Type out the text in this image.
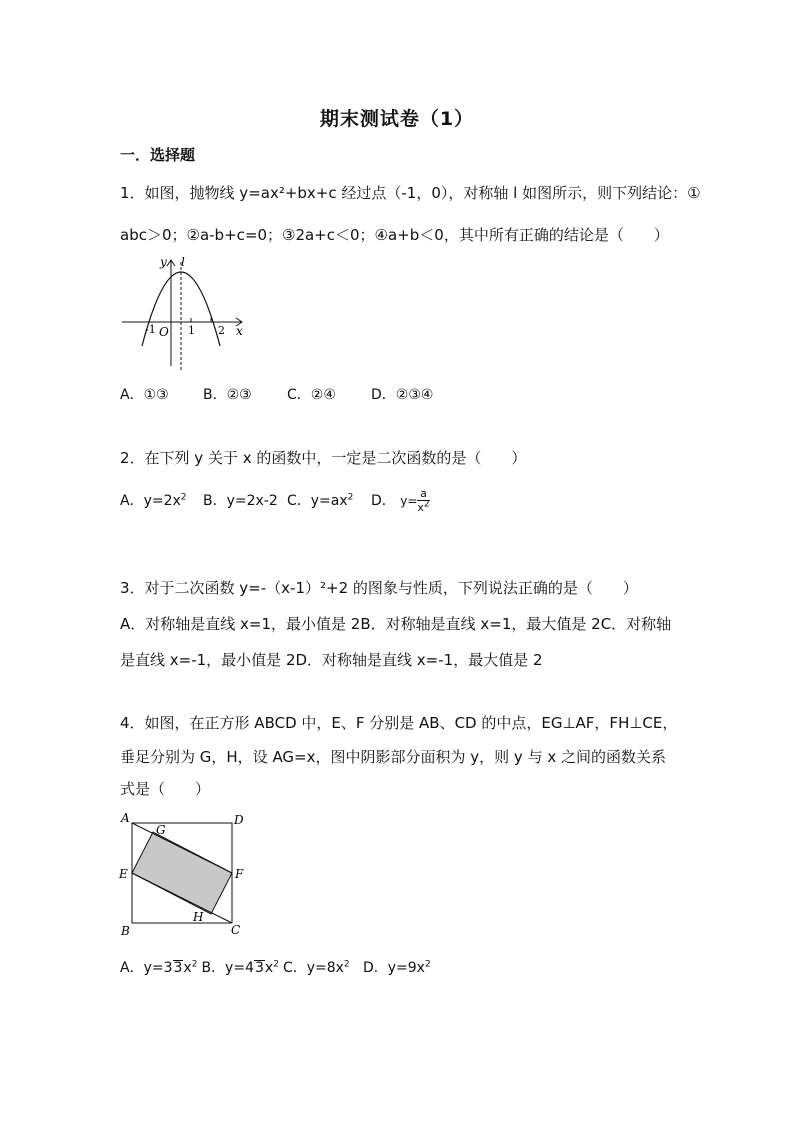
期末测试卷（1）
一．选择题
1．如图，抛物线 y=ax²+bx+c 经过点（-1，0），对称轴 l 如图所示，则下列结论：①
abc＞0；②a-b+c=0；③2a+c＜0；④a+b＜0，其中所有正确的结论是（　　）
y l
x
O
-1	1 2
A．①③ B．②③	C．②④	D．②③④
2．在下列 y 关于 x 的函数中，一定是二次函数的是（　　）
A．$y=2x^2$ B．y=2x-2 C．$y=ax^2$ D． $y= \frac{a}{x^2}$
3．对于二次函数 y=-（x-1）²+2 的图象与性质，下列说法正确的是（　　）
A．对称轴是直线 x=1，最小值是 2B．对称轴是直线 x=1，最大值是 2C．对称轴
是直线 x=-1，最小值是 2D．对称轴是直线 x=-1，最大值是 2
4．如图，在正方形 ABCD 中，E、F 分别是 AB、CD 的中点，EG⊥AF，FH⊥CE，
垂足分别为 G，H，设 AG=x，图中阴影部分面积为 y，则 y 与 x 之间的函数关系
式是（　　）
A	D
G
E	F
H
B	C
A．$y=33x^2$ B．$y=43x^2$ C．$y=8x^2$ D．$y=9x^2$
